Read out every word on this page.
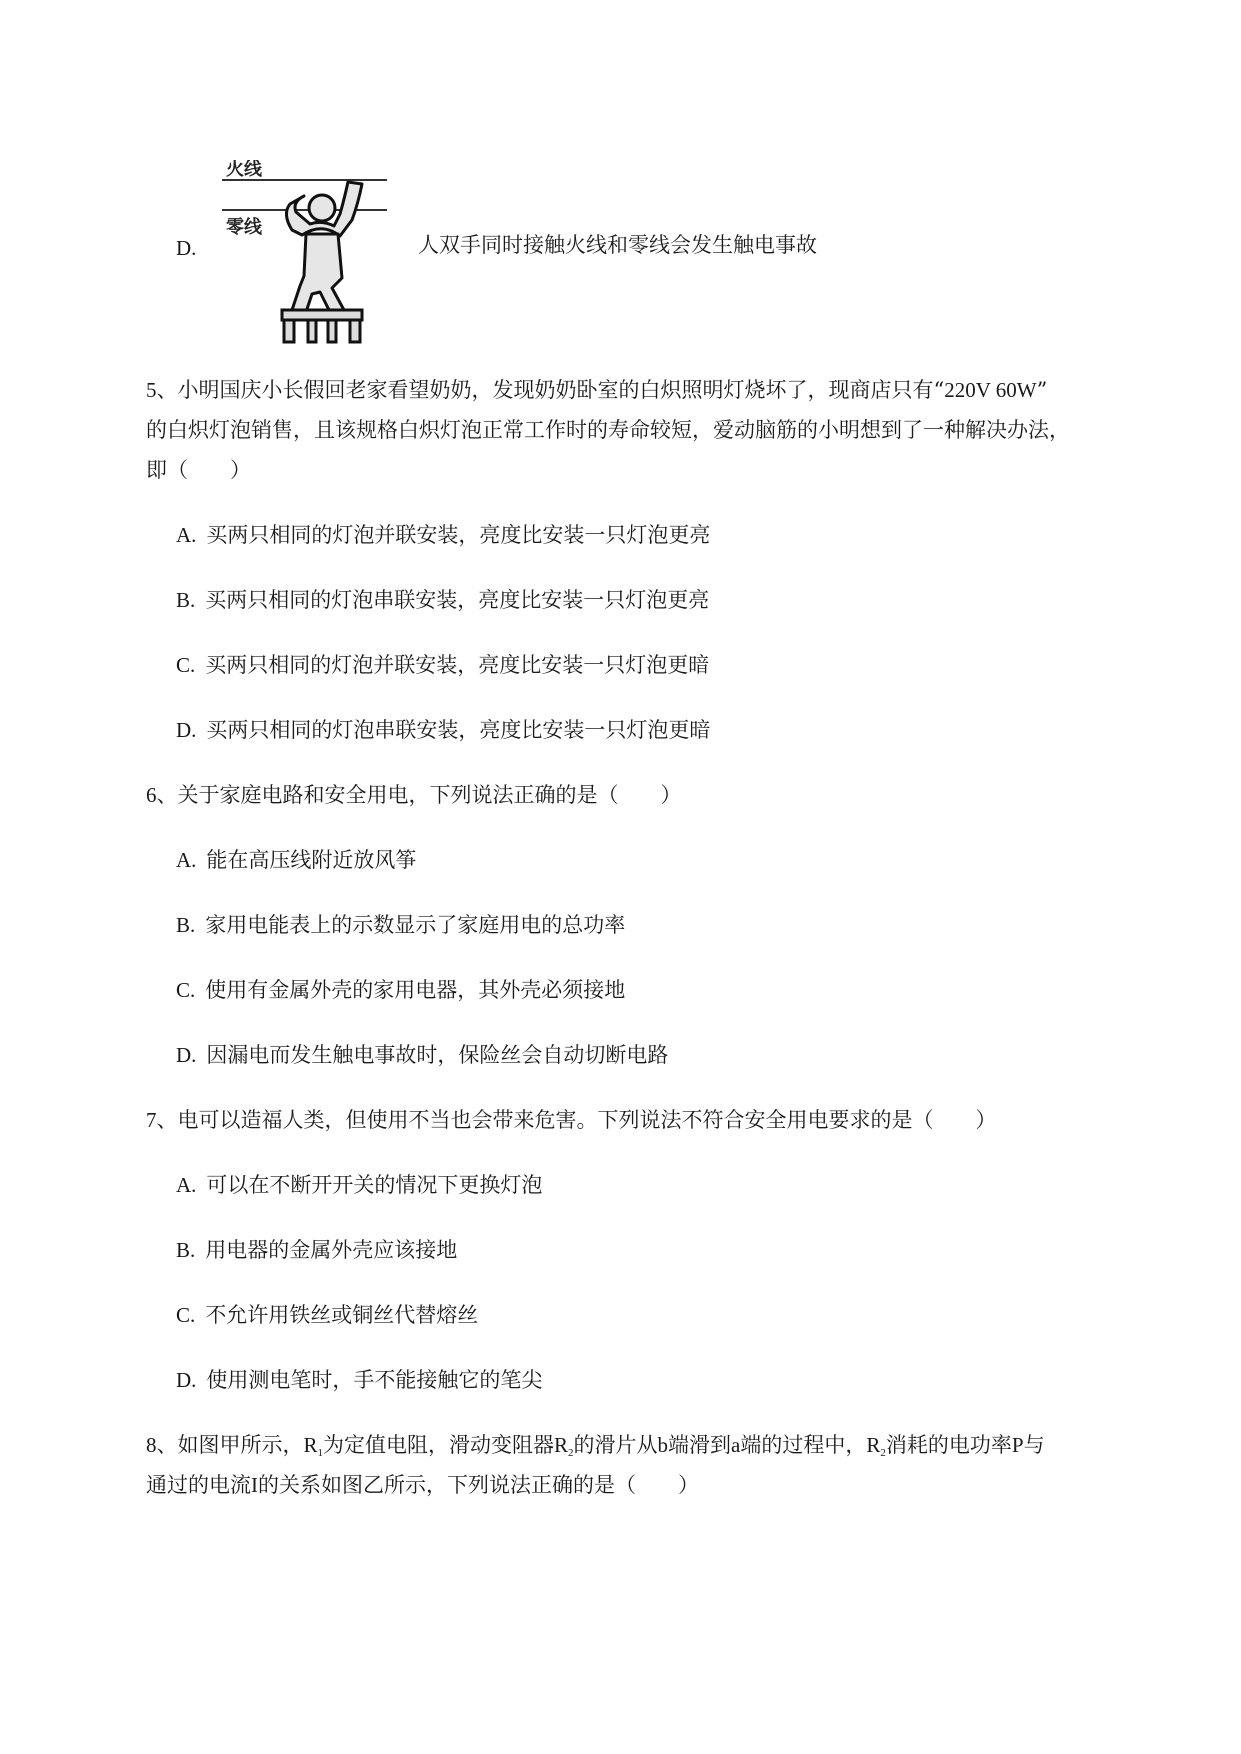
D.
火线
零线
人双手同时接触火线和零线会发生触电事故
5、小明国庆小长假回老家看望奶奶，发现奶奶卧室的白炽照明灯烧坏了，现商店只有“220V 60W”
的白炽灯泡销售，且该规格白炽灯泡正常工作时的寿命较短，爱动脑筋的小明想到了一种解决办法，
即（　　）
A. 买两只相同的灯泡并联安装，亮度比安装一只灯泡更亮
B. 买两只相同的灯泡串联安装，亮度比安装一只灯泡更亮
C. 买两只相同的灯泡并联安装，亮度比安装一只灯泡更暗
D. 买两只相同的灯泡串联安装，亮度比安装一只灯泡更暗
6、关于家庭电路和安全用电，下列说法正确的是（　　）
A. 能在高压线附近放风筝
B. 家用电能表上的示数显示了家庭用电的总功率
C. 使用有金属外壳的家用电器，其外壳必须接地
D. 因漏电而发生触电事故时，保险丝会自动切断电路
7、电可以造福人类，但使用不当也会带来危害。下列说法不符合安全用电要求的是（　　）
A. 可以在不断开开关的情况下更换灯泡
B. 用电器的金属外壳应该接地
C. 不允许用铁丝或铜丝代替熔丝
D. 使用测电笔时，手不能接触它的笔尖
8、如图甲所示，$R_1$为定值电阻，滑动变阻器$R_2$的滑片从b端滑到a端的过程中，$R_2$消耗的电功率P与
通过的电流I的关系如图乙所示，下列说法正确的是（　　）
